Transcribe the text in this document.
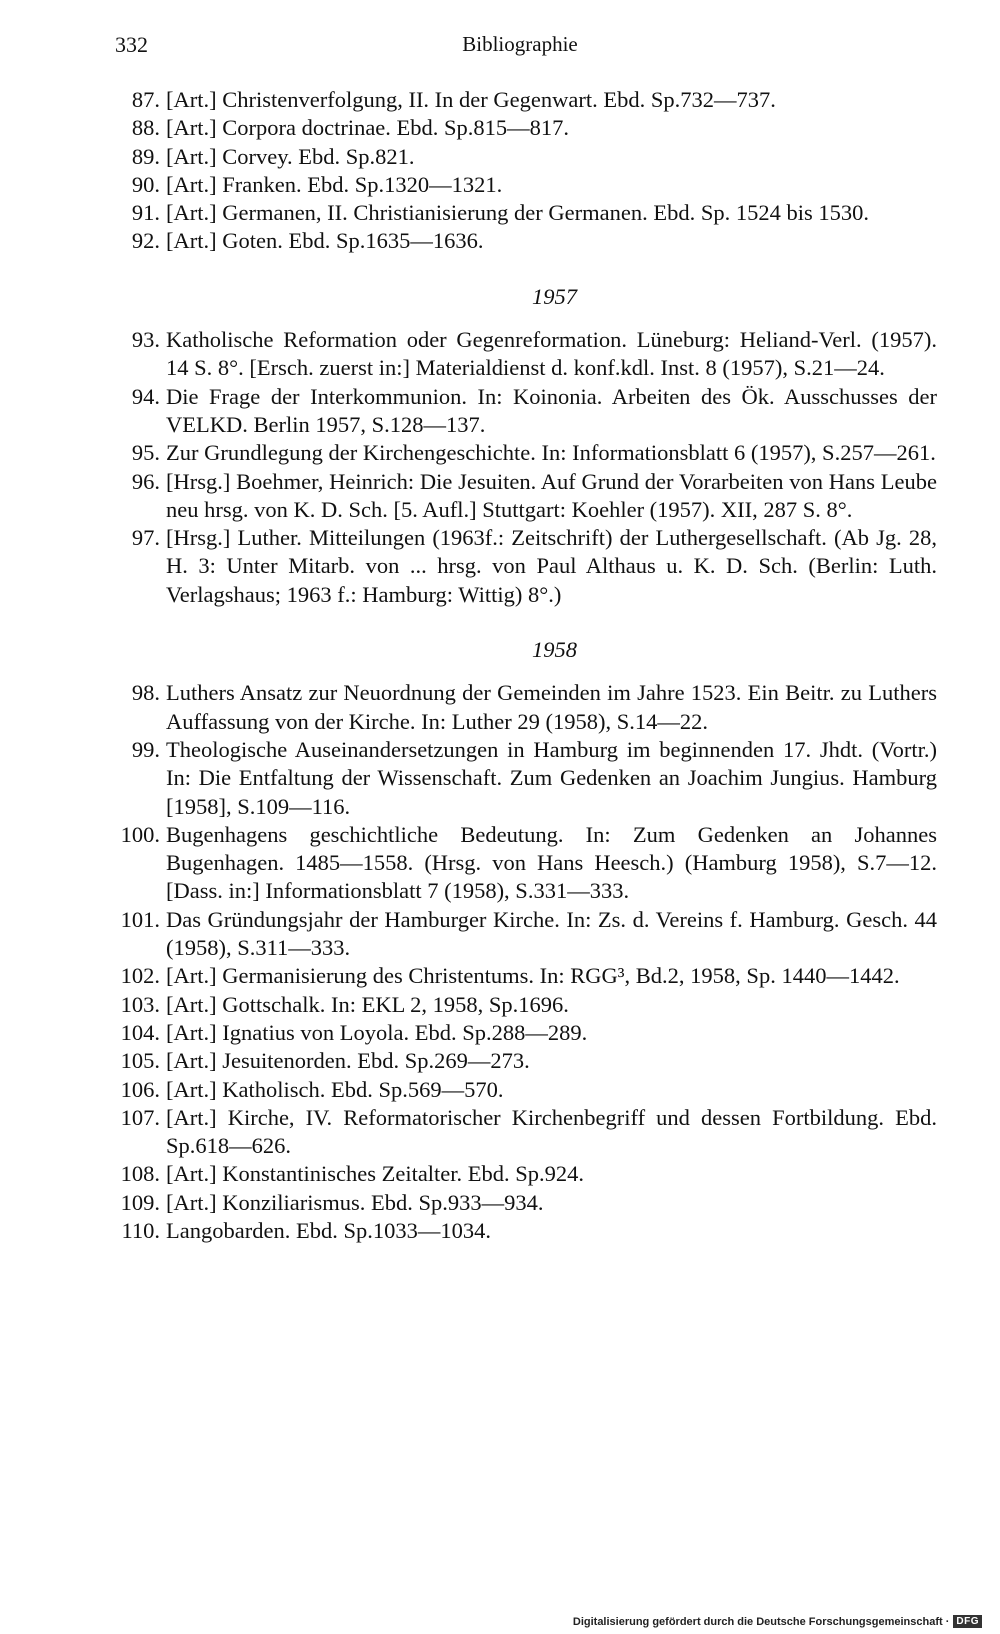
332	Bibliographie
87. [Art.] Christenverfolgung, II. In der Gegenwart. Ebd. Sp.732—737.
88. [Art.] Corpora doctrinae. Ebd. Sp.815—817.
89. [Art.] Corvey. Ebd. Sp.821.
90. [Art.] Franken. Ebd. Sp.1320—1321.
91. [Art.] Germanen, II. Christianisierung der Germanen. Ebd. Sp. 1524 bis 1530.
92. [Art.] Goten. Ebd. Sp.1635—1636.
1957
93. Katholische Reformation oder Gegenreformation. Lüneburg: Heliand-Verl. (1957). 14 S. 8°. [Ersch. zuerst in:] Materialdienst d. konf.kdl. Inst. 8 (1957), S.21—24.
94. Die Frage der Interkommunion. In: Koinonia. Arbeiten des Ök. Ausschusses der VELKD. Berlin 1957, S.128—137.
95. Zur Grundlegung der Kirchengeschichte. In: Informationsblatt 6 (1957), S.257—261.
96. [Hrsg.] Boehmer, Heinrich: Die Jesuiten. Auf Grund der Vorarbeiten von Hans Leube neu hrsg. von K. D. Sch. [5. Aufl.] Stuttgart: Koehler (1957). XII, 287 S. 8°.
97. [Hrsg.] Luther. Mitteilungen (1963f.: Zeitschrift) der Luthergesellschaft. (Ab Jg. 28, H. 3: Unter Mitarb. von ... hrsg. von Paul Althaus u. K. D. Sch. (Berlin: Luth. Verlagshaus; 1963 f.: Hamburg: Wittig) 8°.)
1958
98. Luthers Ansatz zur Neuordnung der Gemeinden im Jahre 1523. Ein Beitr. zu Luthers Auffassung von der Kirche. In: Luther 29 (1958), S.14—22.
99. Theologische Auseinandersetzungen in Hamburg im beginnenden 17. Jhdt. (Vortr.) In: Die Entfaltung der Wissenschaft. Zum Gedenken an Joachim Jungius. Hamburg [1958], S.109—116.
100. Bugenhagens geschichtliche Bedeutung. In: Zum Gedenken an Johannes Bugenhagen. 1485—1558. (Hrsg. von Hans Heesch.) (Hamburg 1958), S.7—12. [Dass. in:] Informationsblatt 7 (1958), S.331—333.
101. Das Gründungsjahr der Hamburger Kirche. In: Zs. d. Vereins f. Hamburg. Gesch. 44 (1958), S.311—333.
102. [Art.] Germanisierung des Christentums. In: RGG³, Bd.2, 1958, Sp. 1440—1442.
103. [Art.] Gottschalk. In: EKL 2, 1958, Sp.1696.
104. [Art.] Ignatius von Loyola. Ebd. Sp.288—289.
105. [Art.] Jesuitenorden. Ebd. Sp.269—273.
106. [Art.] Katholisch. Ebd. Sp.569—570.
107. [Art.] Kirche, IV. Reformatorischer Kirchenbegriff und dessen Fortbildung. Ebd. Sp.618—626.
108. [Art.] Konstantinisches Zeitalter. Ebd. Sp.924.
109. [Art.] Konziliarismus. Ebd. Sp.933—934.
110. Langobarden. Ebd. Sp.1033—1034.
Digitalisierung gefördert durch die Deutsche Forschungsgemeinschaft · DFG
